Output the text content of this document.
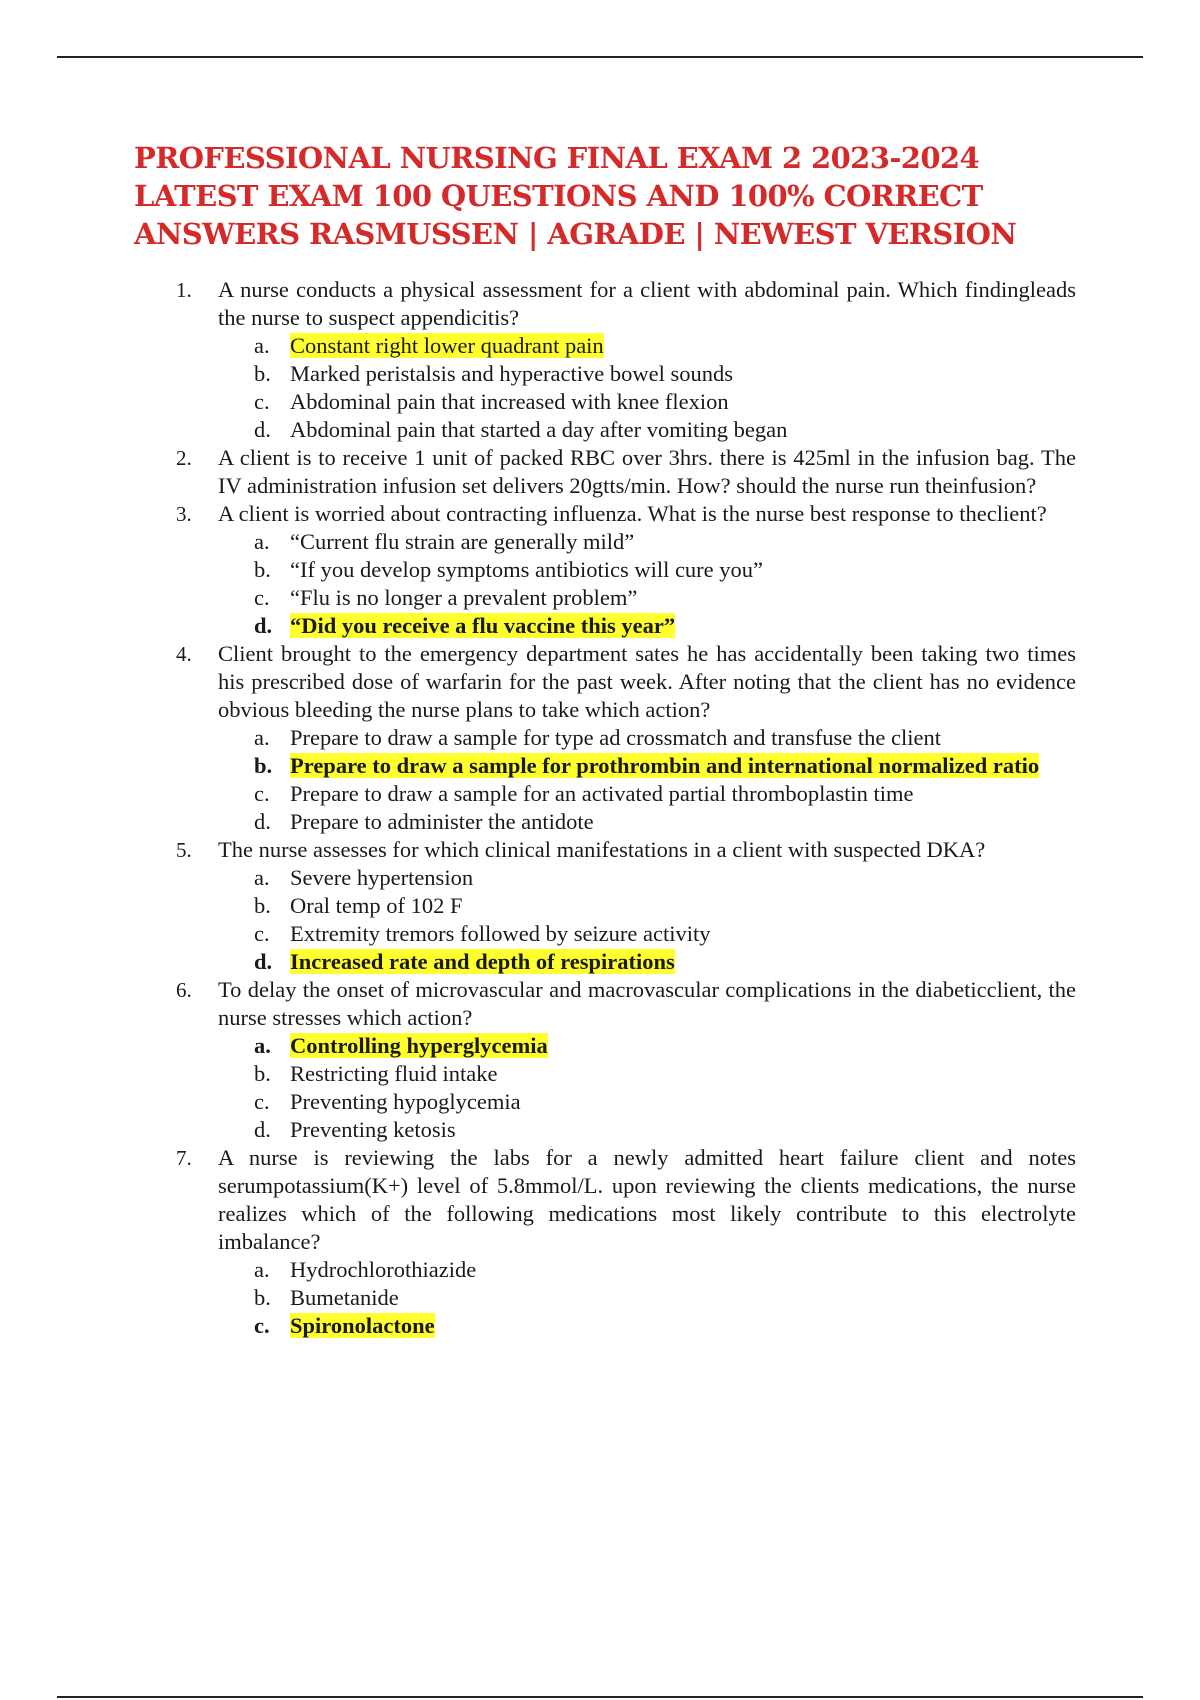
PROFESSIONAL NURSING FINAL EXAM 2 2023-2024
LATEST EXAM 100 QUESTIONS AND 100% CORRECT
ANSWERS RASMUSSEN | AGRADE | NEWEST VERSION
1.	A nurse conducts a physical assessment for a client with abdominal pain. Which findingleads the nurse to suspect appendicitis?
a. Constant right lower quadrant pain
b. Marked peristalsis and hyperactive bowel sounds
c. Abdominal pain that increased with knee flexion
d. Abdominal pain that started a day after vomiting began
2.	A client is to receive 1 unit of packed RBC over 3hrs. there is 425ml in the infusion bag. The IV administration infusion set delivers 20gtts/min. How? should the nurse run theinfusion?
3.	A client is worried about contracting influenza. What is the nurse best response to theclient?
a. “Current flu strain are generally mild”
b. “If you develop symptoms antibiotics will cure you”
c. “Flu is no longer a prevalent problem”
d. “Did you receive a flu vaccine this year”
4.	Client brought to the emergency department sates he has accidentally been taking two times his prescribed dose of warfarin for the past week. After noting that the client has no evidence obvious bleeding the nurse plans to take which action?
a. Prepare to draw a sample for type ad crossmatch and transfuse the client
b. Prepare to draw a sample for prothrombin and international normalized ratio
c. Prepare to draw a sample for an activated partial thromboplastin time
d. Prepare to administer the antidote
5.	The nurse assesses for which clinical manifestations in a client with suspected DKA?
a. Severe hypertension
b. Oral temp of 102 F
c. Extremity tremors followed by seizure activity
d. Increased rate and depth of respirations
6.	To delay the onset of microvascular and macrovascular complications in the diabeticclient, the nurse stresses which action?
a. Controlling hyperglycemia
b. Restricting fluid intake
c. Preventing hypoglycemia
d. Preventing ketosis
7.	A nurse is reviewing the labs for a newly admitted heart failure client and notes serumpotassium(K+) level of 5.8mmol/L. upon reviewing the clients medications, the nurse realizes which of the following medications most likely contribute to this electrolyte imbalance?
a. Hydrochlorothiazide
b. Bumetanide
c. Spironolactone
